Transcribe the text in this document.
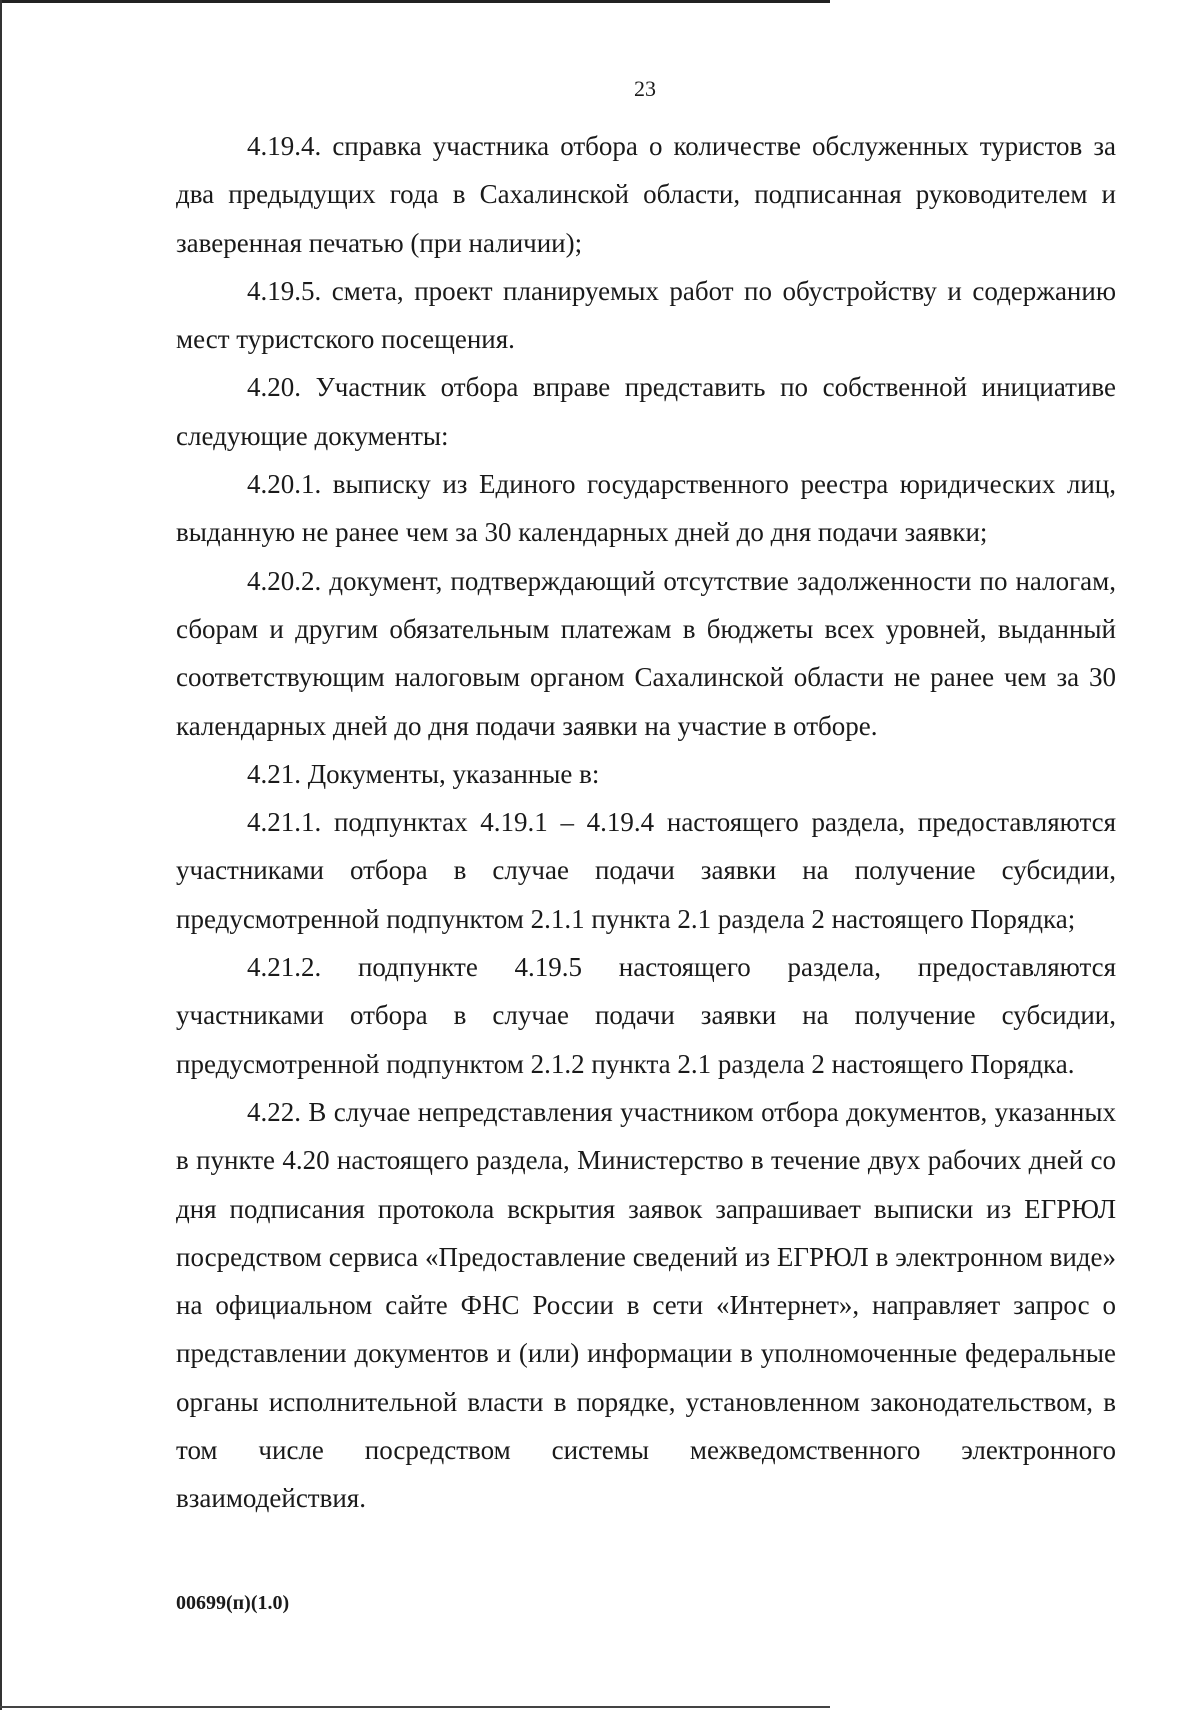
23

4.19.4. справка участника отбора о количестве обслуженных туристов за два предыдущих года в Сахалинской области, подписанная руководителем и заверенная печатью (при наличии);

4.19.5. смета, проект планируемых работ по обустройству и содержанию мест туристского посещения.

4.20. Участник отбора вправе представить по собственной инициативе следующие документы:

4.20.1. выписку из Единого государственного реестра юридических лиц, выданную не ранее чем за 30 календарных дней до дня подачи заявки;

4.20.2. документ, подтверждающий отсутствие задолженности по налогам, сборам и другим обязательным платежам в бюджеты всех уровней, выданный соответствующим налоговым органом Сахалинской области не ранее чем за 30 календарных дней до дня подачи заявки на участие в отборе.

4.21. Документы, указанные в:

4.21.1. подпунктах 4.19.1 – 4.19.4 настоящего раздела, предоставляются участниками отбора в случае подачи заявки на получение субсидии, предусмотренной подпунктом 2.1.1 пункта 2.1 раздела 2 настоящего Порядка;

4.21.2. подпункте 4.19.5 настоящего раздела, предоставляются участниками отбора в случае подачи заявки на получение субсидии, предусмотренной подпунктом 2.1.2 пункта 2.1 раздела 2 настоящего Порядка.

4.22. В случае непредставления участником отбора документов, указанных в пункте 4.20 настоящего раздела, Министерство в течение двух рабочих дней со дня подписания протокола вскрытия заявок запрашивает выписки из ЕГРЮЛ посредством сервиса «Предоставление сведений из ЕГРЮЛ в электронном виде» на официальном сайте ФНС России в сети «Интернет», направляет запрос о представлении документов и (или) информации в уполномоченные федеральные органы исполнительной власти в порядке, установленном законодательством, в том числе посредством системы межведомственного электронного взаимодействия.

00699(п)(1.0)
